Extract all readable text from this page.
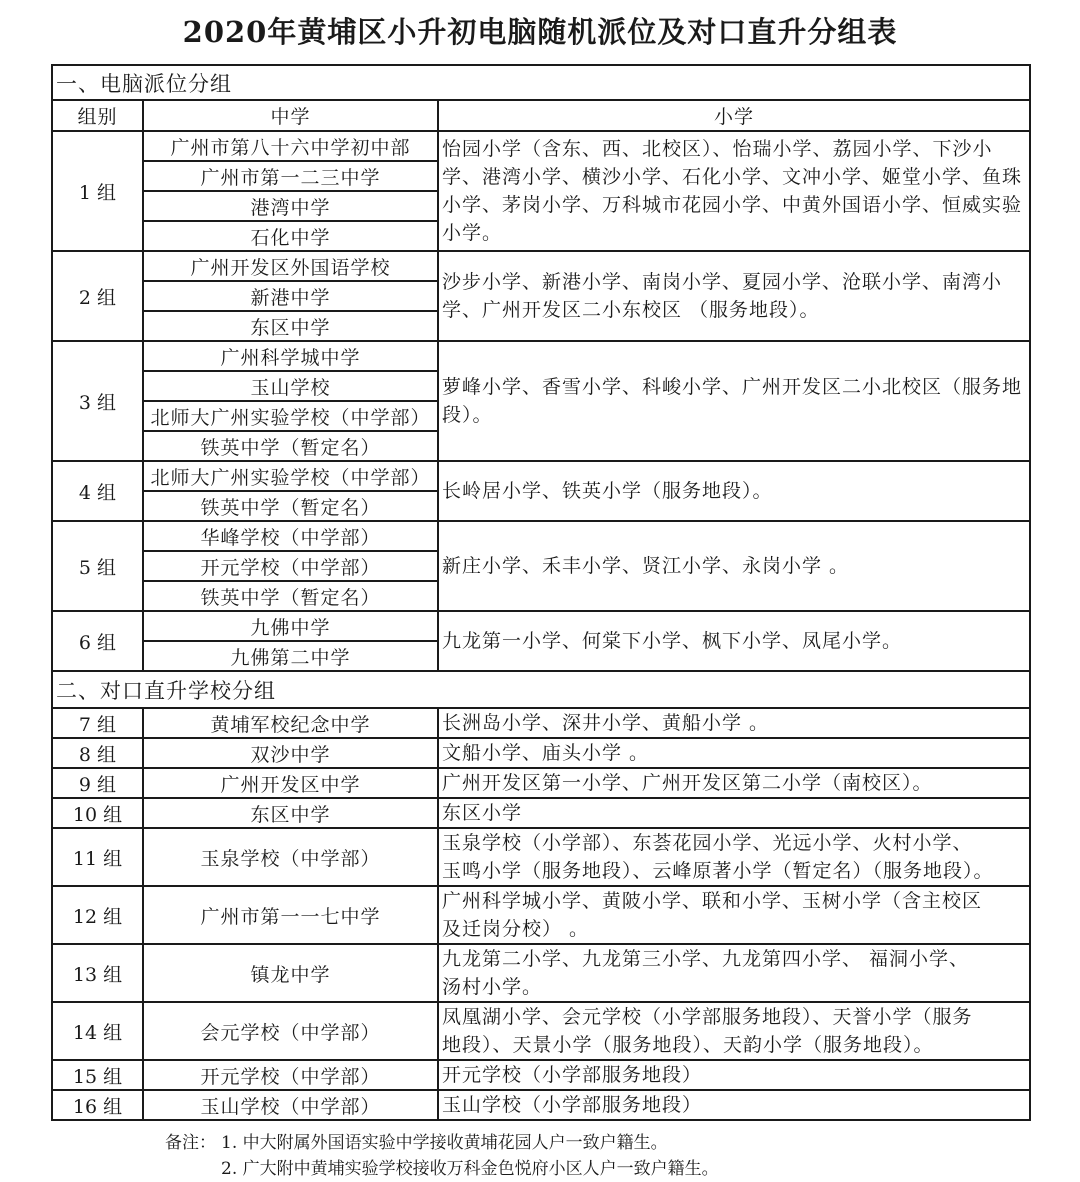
2020年黄埔区小升初电脑随机派位及对口直升分组表
一、电脑派位分组		
组别	中学	小学
1 组	广州市第八十六中学初中部	怡园小学（含东、西、北校区）、怡瑞小学、荔园小学、下沙小学、港湾小学、横沙小学、石化小学、文冲小学、姬堂小学、鱼珠小学、茅岗小学、万科城市花园小学、中黄外国语小学、恒威实验小学。
	广州市第一二三中学	
	港湾中学	
	石化中学	
2 组	广州开发区外国语学校	沙步小学、新港小学、南岗小学、夏园小学、沧联小学、南湾小学、广州开发区二小东校区 （服务地段）。
	新港中学	
	东区中学	
3 组	广州科学城中学	萝峰小学、香雪小学、科峻小学、广州开发区二小北校区（服务地段）。
	玉山学校	
	北师大广州实验学校（中学部）	
	铁英中学（暂定名）	
4 组	北师大广州实验学校（中学部）	长岭居小学、铁英小学（服务地段）。
	铁英中学（暂定名）	
5 组	华峰学校（中学部）	新庄小学、禾丰小学、贤江小学、永岗小学 。
	开元学校（中学部）	
	铁英中学（暂定名）	
6 组	九佛中学	九龙第一小学、何棠下小学、枫下小学、凤尾小学。
	九佛第二中学	
二、对口直升学校分组		
7 组	黄埔军校纪念中学	长洲岛小学、深井小学、黄船小学 。
8 组	双沙中学	文船小学、庙头小学 。
9 组	广州开发区中学	广州开发区第一小学、广州开发区第二小学（南校区）。
10 组	东区中学	东区小学
11 组	玉泉学校（中学部）	玉泉学校（小学部）、东荟花园小学、光远小学、火村小学、
玉鸣小学（服务地段）、云峰原著小学（暂定名）（服务地段）。
12 组	广州市第一一七中学	广州科学城小学、黄陂小学、联和小学、玉树小学（含主校区
及迁岗分校） 。
13 组	镇龙中学	九龙第二小学、九龙第三小学、九龙第四小学、 福洞小学、
汤村小学。
14 组	会元学校（中学部）	凤凰湖小学、会元学校（小学部服务地段）、天誉小学（服务
地段）、天景小学（服务地段）、天韵小学（服务地段）。
15 组	开元学校（中学部）	开元学校（小学部服务地段）
16 组	玉山学校（中学部）	玉山学校（小学部服务地段）
备注： 1. 中大附属外国语实验中学接收黄埔花园人户一致户籍生。
2. 广大附中黄埔实验学校接收万科金色悦府小区人户一致户籍生。
